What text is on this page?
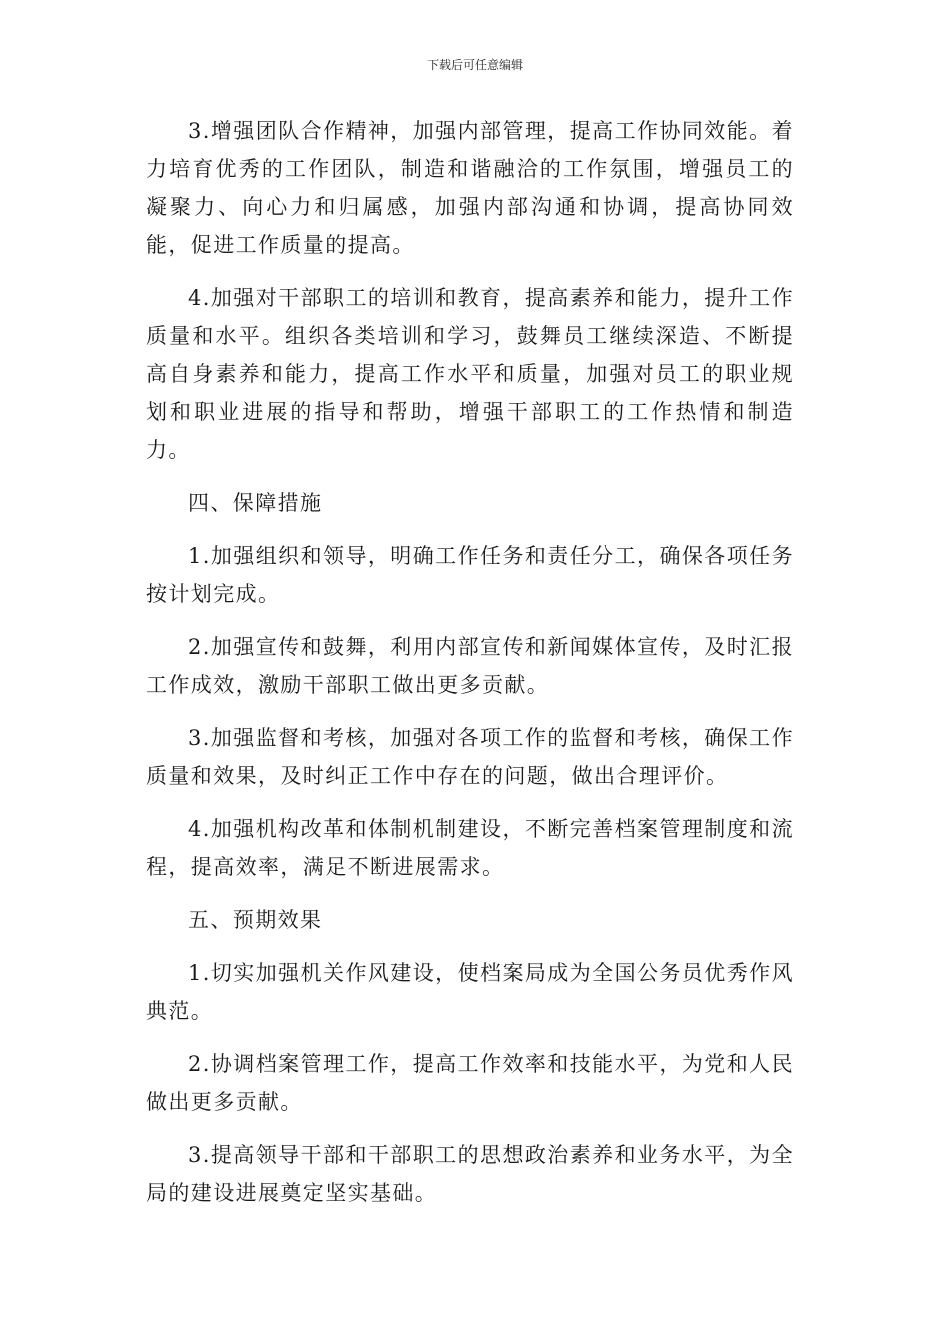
下载后可任意编辑

3.增强团队合作精神，加强内部管理，提高工作协同效能。着力培育优秀的工作团队，制造和谐融洽的工作氛围，增强员工的凝聚力、向心力和归属感，加强内部沟通和协调，提高协同效能，促进工作质量的提高。

4.加强对干部职工的培训和教育，提高素养和能力，提升工作质量和水平。组织各类培训和学习，鼓舞员工继续深造、不断提高自身素养和能力，提高工作水平和质量，加强对员工的职业规划和职业进展的指导和帮助，增强干部职工的工作热情和制造力。

四、保障措施

1.加强组织和领导，明确工作任务和责任分工，确保各项任务按计划完成。

2.加强宣传和鼓舞，利用内部宣传和新闻媒体宣传，及时汇报工作成效，激励干部职工做出更多贡献。

3.加强监督和考核，加强对各项工作的监督和考核，确保工作质量和效果，及时纠正工作中存在的问题，做出合理评价。

4.加强机构改革和体制机制建设，不断完善档案管理制度和流程，提高效率，满足不断进展需求。

五、预期效果

1.切实加强机关作风建设，使档案局成为全国公务员优秀作风典范。

2.协调档案管理工作，提高工作效率和技能水平，为党和人民做出更多贡献。

3.提高领导干部和干部职工的思想政治素养和业务水平，为全局的建设进展奠定坚实基础。
